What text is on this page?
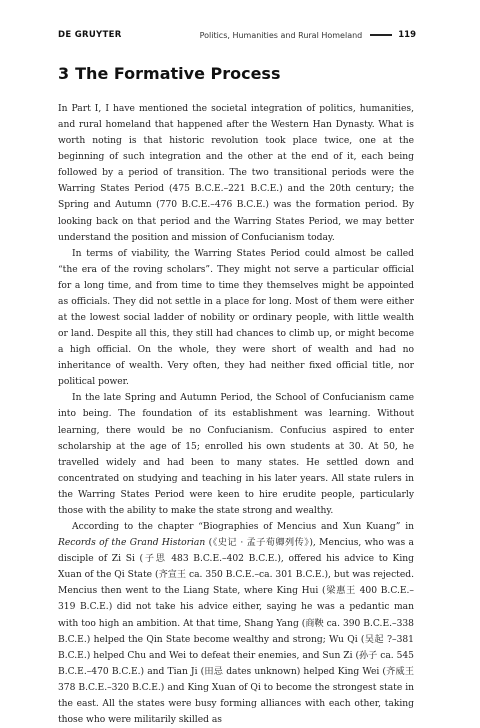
DE GRUYTER	Politics, Humanities and Rural Homeland	119
3 The Formative Process

In Part I, I have mentioned the societal integration of politics, humanities, and rural homeland that happened after the Western Han Dynasty. What is worth noting is that historic revolution took place twice, one at the beginning of such integration and the other at the end of it, each being followed by a period of transition. The two transitional periods were the Warring States Period (475 B.C.E.–221 B.C.E.) and the 20th century; the Spring and Autumn (770 B.C.E.–476 B.C.E.) was the formation period. By looking back on that period and the Warring States Period, we may better understand the position and mission of Confucianism today.

In terms of viability, the Warring States Period could almost be called “the era of the roving scholars”. They might not serve a particular official for a long time, and from time to time they themselves might be appointed as officials. They did not settle in a place for long. Most of them were either at the lowest social ladder of nobility or ordinary people, with little wealth or land. Despite all this, they still had chances to climb up, or might become a high official. On the whole, they were short of wealth and had no inheritance of wealth. Very often, they had neither fixed official title, nor political power.

In the late Spring and Autumn Period, the School of Confucianism came into being. The foundation of its establishment was learning. Without learning, there would be no Confucianism. Confucius aspired to enter scholarship at the age of 15; enrolled his own students at 30. At 50, he travelled widely and had been to many states. He settled down and concentrated on studying and teaching in his later years. All state rulers in the Warring States Period were keen to hire erudite people, particularly those with the ability to make the state strong and wealthy.

According to the chapter “Biographies of Mencius and Xun Kuang” in Records of the Grand Historian (《史记 · 孟子荀卿列传》), Mencius, who was a disciple of Zi Si (子思 483 B.C.E.–402 B.C.E.), offered his advice to King Xuan of the Qi State (齐宣王 ca. 350 B.C.E.–ca. 301 B.C.E.), but was rejected. Mencius then went to the Liang State, where King Hui (梁惠王 400 B.C.E.–319 B.C.E.) did not take his advice either, saying he was a pedantic man with too high an ambition. At that time, Shang Yang (商鞅 ca. 390 B.C.E.–338 B.C.E.) helped the Qin State become wealthy and strong; Wu Qi (吴起 ?–381 B.C.E.) helped Chu and Wei to defeat their enemies, and Sun Zi (孙子 ca. 545 B.C.E.–470 B.C.E.) and Tian Ji (田忌 dates unknown) helped King Wei (齐威王 378 B.C.E.–320 B.C.E.) and King Xuan of Qi to become the strongest state in the east. All the states were busy forming alliances with each other, taking those who were militarily skilled as
